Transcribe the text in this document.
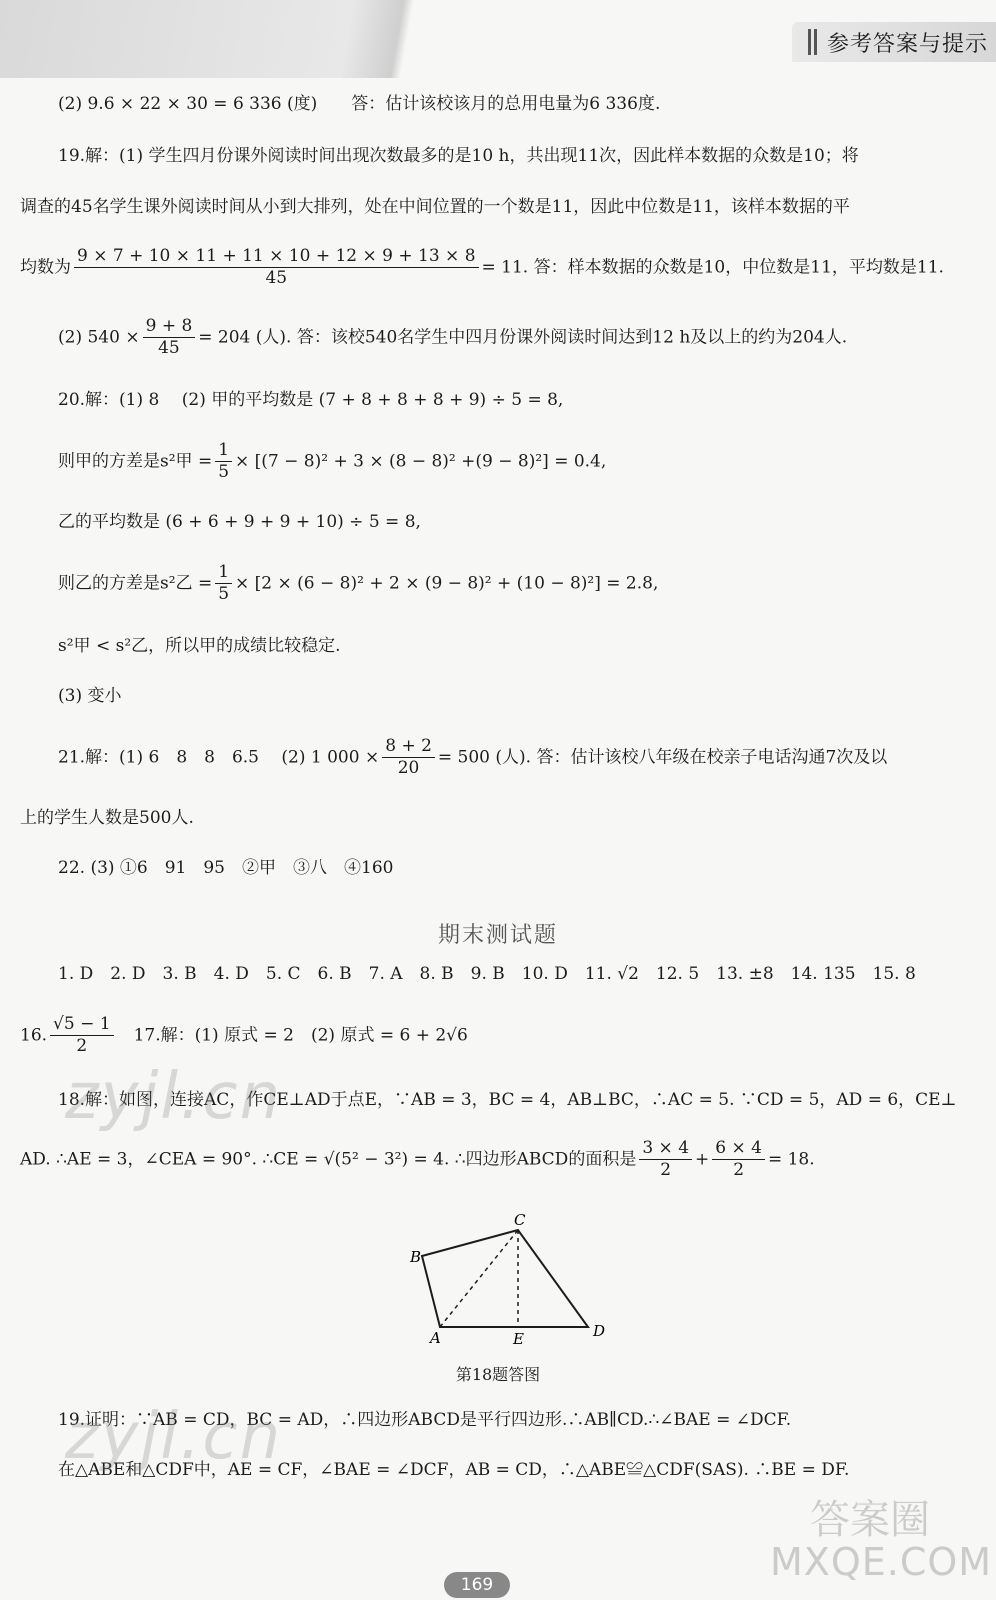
参考答案与提示
(2) 9.6 × 22 × 30 = 6 336 (度)　　答：估计该校该月的总用电量为6 336度.
19.解：(1) 学生四月份课外阅读时间出现次数最多的是10 h，共出现11次，因此样本数据的众数是10；将
调查的45名学生课外阅读时间从小到大排列，处在中间位置的一个数是11，因此中位数是11，该样本数据的平
均数为 $\frac{9 \times 7 + 10 \times 11 + 11 \times 10 + 12 \times 9 + 13 \times 8}{45} = 11$. 答：样本数据的众数是10，中位数是11，平均数是11.
(2) $540 \times \frac{9 + 8}{45} = 204$ (人). 答：该校540名学生中四月份课外阅读时间达到12 h及以上的约为204人.
20.解：(1) 8　 (2) 甲的平均数是 (7 + 8 + 8 + 8 + 9) ÷ 5 = 8,
则甲的方差是s²甲 = $\frac{1}{5} \times [(7 - 8)^2 + 3 \times (8 - 8)^2 +(9 - 8)^2] = 0.4$,
乙的平均数是 (6 + 6 + 9 + 9 + 10) ÷ 5 = 8,
则乙的方差是s²乙 = $\frac{1}{5} \times [2 \times (6 - 8)^2 + 2 \times (9 - 8)^2 + (10 - 8)^2] = 2.8$,
s²甲 < s²乙，所以甲的成绩比较稳定.
(3) 变小
21.解：(1) 6　8　8　6.5　 (2) 1 $000 \times \frac{8 + 2}{20} = 500$ (人). 答：估计该校八年级在校亲子电话沟通7次及以
上的学生人数是500人.
22. (3) ①6　91　95　②甲　③八　④160
期末测试题
1. D　2. D　3. B　4. D　5. C　6. B　7. A　8. B　9. B　10. D　11. √2　12. 5　13. ±8　14. 135　15. 8
16. $\frac{√5 - 1}{2}$ 　17.解：(1) 原式 = 2　(2) 原式 = 6 + 2√6
18.解：如图，连接AC，作CE⊥AD于点E，∵AB = 3，BC = 4，AB⊥BC，∴AC = 5. ∵CD = 5，AD = 6，CE⊥
AD. ∴AE = 3，∠CEA = 90°. ∴CE = √(5² − 3²) = 4. ∴四边形ABCD的面积是 $\frac{3 \times 4}{2} + \frac{6 \times 4}{2} = 18$.
B
C
A	E	D
第18题答图
19.证明：∵AB = CD，BC = AD，∴四边形ABCD是平行四边形.∴AB∥CD.∴∠BAE = ∠DCF.
在△ABE和△CDF中，AE = CF，∠BAE = ∠DCF，AB = CD，∴△ABE≌△CDF(SAS). ∴BE = DF.
zyjl.cn
zyjl.cn
答案圈
MXQE.COM
169
